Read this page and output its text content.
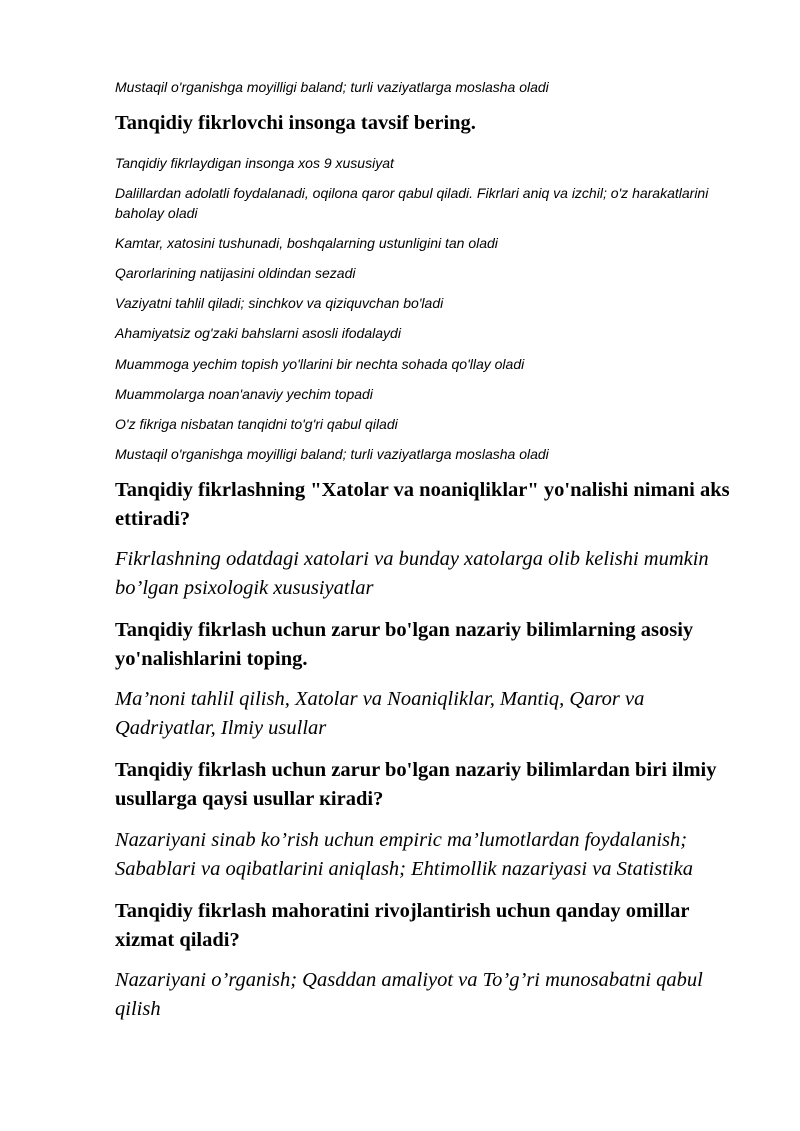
Mustaqil o'rganishga moyilligi baland; turli vaziyatlarga moslasha oladi
Tanqidiy fikrlovchi insonga tavsif bering.
Tanqidiy fikrlaydigan insonga xos 9 xususiyat
Dalillardan adolatli foydalanadi, oqilona qaror qabul qiladi. Fikrlari aniq va izchil; o'z harakatlarini baholay oladi
Kamtar, xatosini tushunadi, boshqalarning ustunligini tan oladi
Qarorlarining natijasini oldindan sezadi
Vaziyatni tahlil qiladi; sinchkov va qiziquvchan bo'ladi
Ahamiyatsiz og'zaki bahslarni asosli ifodalaydi
Muammoga yechim topish yo'llarini bir nechta sohada qo'llay oladi
Muammolarga noan'anaviy yechim topadi
O'z fikriga nisbatan tanqidni to'g'ri qabul qiladi
Mustaqil o'rganishga moyilligi baland; turli vaziyatlarga moslasha oladi
Tanqidiy fikrlashning "Xatolar va noaniqliklar" yo'nalishi nimani aks ettiradi?
Fikrlashning odatdagi xatolari va bunday xatolarga olib kelishi mumkin bo’lgan psixologik xususiyatlar
Tanqidiy fikrlash uchun zarur bo'lgan nazariy bilimlarning asosiy yo'nalishlarini toping.
Ma’noni tahlil qilish, Xatolar va Noaniqliklar, Mantiq, Qaror va Qadriyatlar, Ilmiy usullar
Tanqidiy fikrlash uchun zarur bo'lgan nazariy bilimlardan biri ilmiy usullarga qaysi usullar кiradi?
Nazariyani sinab ko’rish uchun empiric ma’lumotlardan foydalanish; Sabablari va oqibatlarini aniqlash; Ehtimollik nazariyasi va Statistika
Tanqidiy fikrlash mahoratini rivojlantirish uchun qanday omillar xizmat qiladi?
Nazariyani o’rganish; Qasddan amaliyot va To’g’ri munosabatni qabul qilish
